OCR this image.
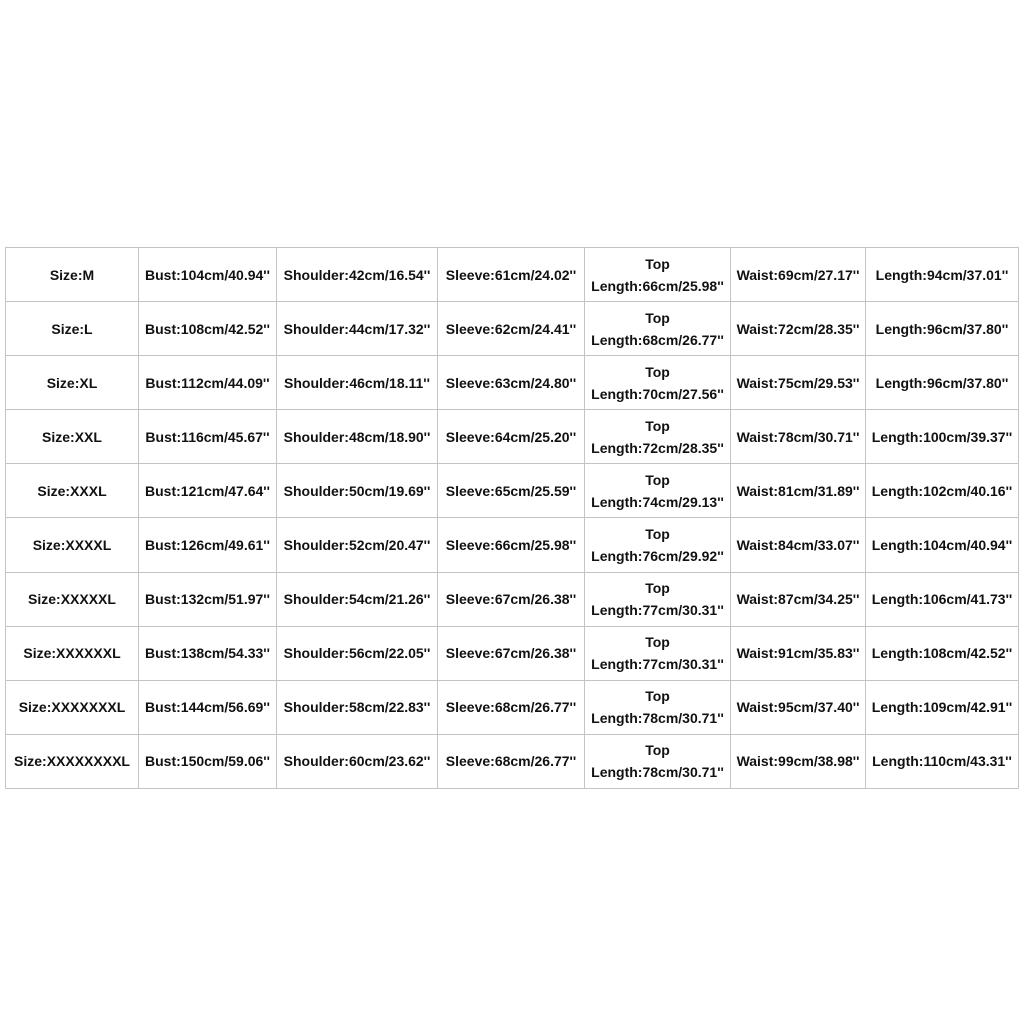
Size:M	Bust:104cm/40.94''	Shoulder:42cm/16.54''	Sleeve:61cm/24.02''	Top
Length:66cm/25.98''	Waist:69cm/27.17''	Length:94cm/37.01''
Size:L	Bust:108cm/42.52''	Shoulder:44cm/17.32''	Sleeve:62cm/24.41''	Top
Length:68cm/26.77''	Waist:72cm/28.35''	Length:96cm/37.80''
Size:XL	Bust:112cm/44.09''	Shoulder:46cm/18.11''	Sleeve:63cm/24.80''	Top
Length:70cm/27.56''	Waist:75cm/29.53''	Length:96cm/37.80''
Size:XXL	Bust:116cm/45.67''	Shoulder:48cm/18.90''	Sleeve:64cm/25.20''	Top
Length:72cm/28.35''	Waist:78cm/30.71''	Length:100cm/39.37''
Size:XXXL	Bust:121cm/47.64''	Shoulder:50cm/19.69''	Sleeve:65cm/25.59''	Top
Length:74cm/29.13''	Waist:81cm/31.89''	Length:102cm/40.16''
Size:XXXXL	Bust:126cm/49.61''	Shoulder:52cm/20.47''	Sleeve:66cm/25.98''	Top
Length:76cm/29.92''	Waist:84cm/33.07''	Length:104cm/40.94''
Size:XXXXXL	Bust:132cm/51.97''	Shoulder:54cm/21.26''	Sleeve:67cm/26.38''	Top
Length:77cm/30.31''	Waist:87cm/34.25''	Length:106cm/41.73''
Size:XXXXXXL	Bust:138cm/54.33''	Shoulder:56cm/22.05''	Sleeve:67cm/26.38''	Top
Length:77cm/30.31''	Waist:91cm/35.83''	Length:108cm/42.52''
Size:XXXXXXXL	Bust:144cm/56.69''	Shoulder:58cm/22.83''	Sleeve:68cm/26.77''	Top
Length:78cm/30.71''	Waist:95cm/37.40''	Length:109cm/42.91''
Size:XXXXXXXXL	Bust:150cm/59.06''	Shoulder:60cm/23.62''	Sleeve:68cm/26.77''	Top
Length:78cm/30.71''	Waist:99cm/38.98''	Length:110cm/43.31''
